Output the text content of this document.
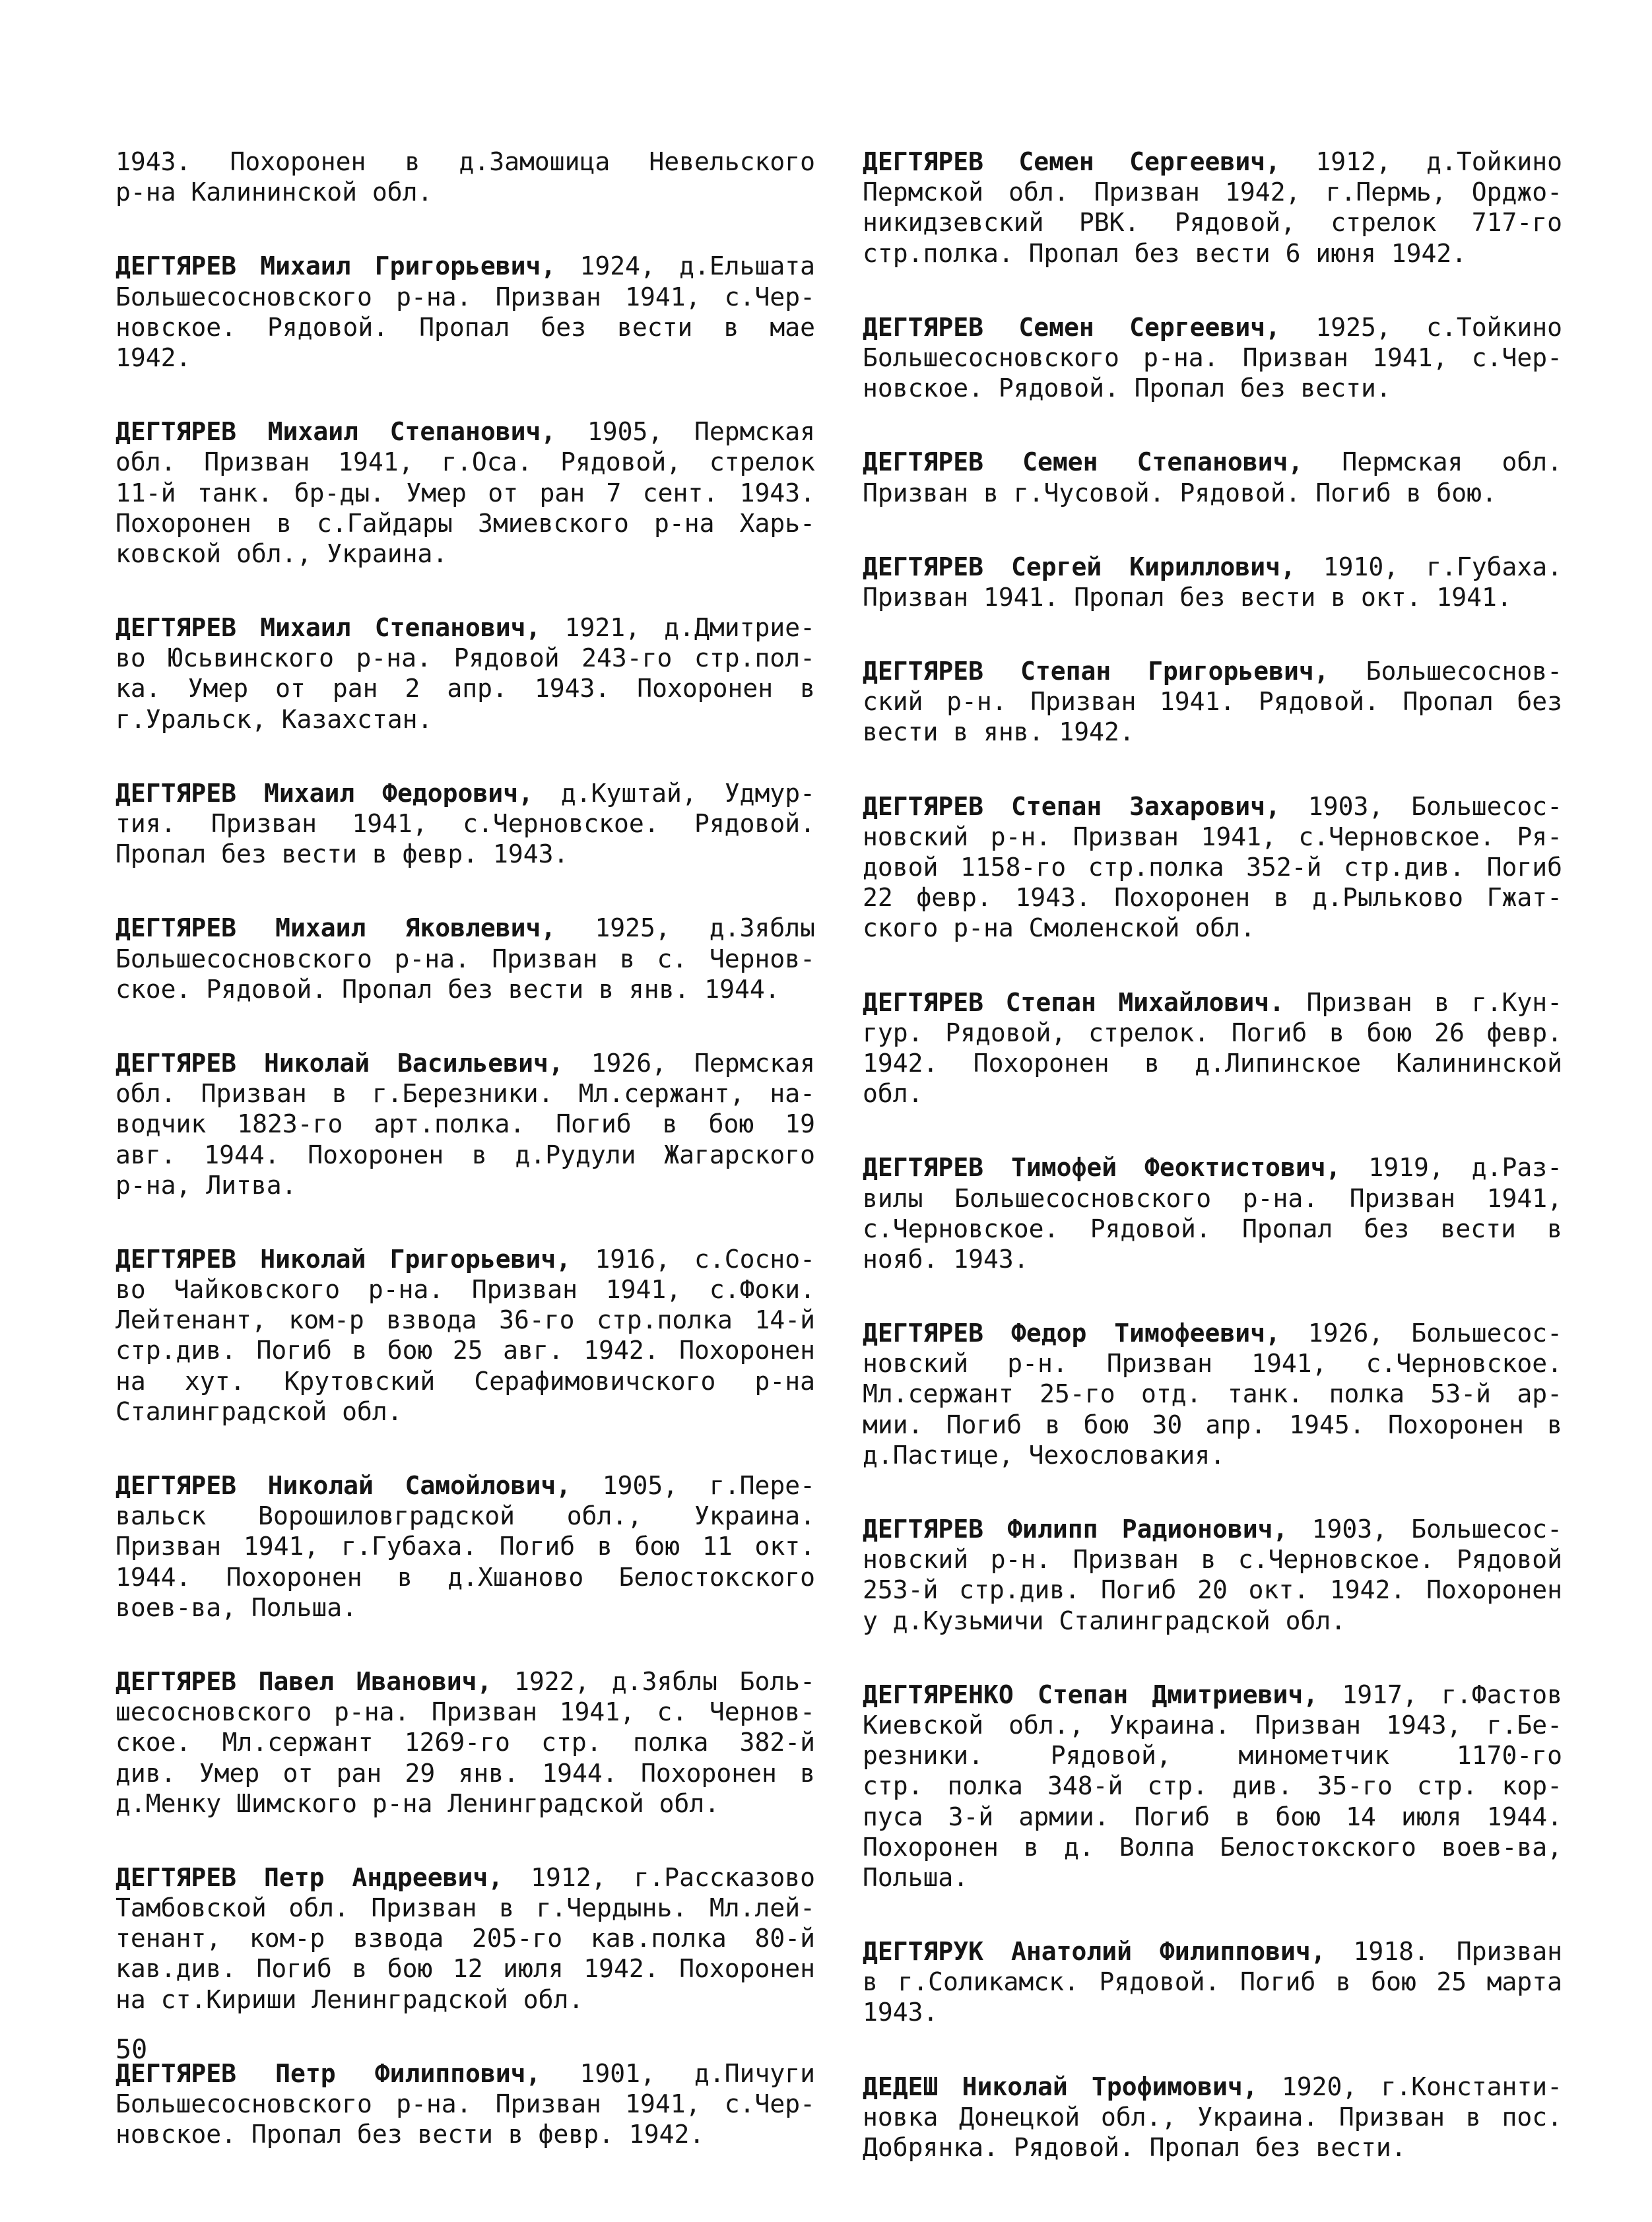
1943. Похоронен в д.Замошица Невельского
р-на Калининской обл.
ДЕГТЯРЕВ Михаил Григорьевич, 1924, д.Ельшата
Большесосновского р-на. Призван 1941, с.Чер-
новское. Рядовой. Пропал без вести в мае
1942.
ДЕГТЯРЕВ Михаил Степанович, 1905, Пермская
обл. Призван 1941, г.Оса. Рядовой, стрелок
11-й танк. бр-ды. Умер от ран 7 сент. 1943.
Похоронен в с.Гайдары Змиевского р-на Харь-
ковской обл., Украина.
ДЕГТЯРЕВ Михаил Степанович, 1921, д.Дмитрие-
во Юсьвинского р-на. Рядовой 243-го стр.пол-
ка. Умер от ран 2 апр. 1943. Похоронен в
г.Уральск, Казахстан.
ДЕГТЯРЕВ Михаил Федорович, д.Куштай, Удмур-
тия. Призван 1941, с.Черновское. Рядовой.
Пропал без вести в февр. 1943.
ДЕГТЯРЕВ Михаил Яковлевич, 1925, д.Зяблы
Большесосновского р-на. Призван в с. Чернов-
ское. Рядовой. Пропал без вести в янв. 1944.
ДЕГТЯРЕВ Николай Васильевич, 1926, Пермская
обл. Призван в г.Березники. Мл.сержант, на-
водчик 1823-го арт.полка. Погиб в бою 19
авг. 1944. Похоронен в д.Рудули Жагарского
р-на, Литва.
ДЕГТЯРЕВ Николай Григорьевич, 1916, с.Сосно-
во Чайковского р-на. Призван 1941, с.Фоки.
Лейтенант, ком-р взвода 36-го стр.полка 14-й
стр.див. Погиб в бою 25 авг. 1942. Похоронен
на хут. Крутовский Серафимовичского р-на
Сталинградской обл.
ДЕГТЯРЕВ Николай Самойлович, 1905, г.Пере-
вальск Ворошиловградской обл., Украина.
Призван 1941, г.Губаха. Погиб в бою 11 окт.
1944. Похоронен в д.Хшаново Белостокского
воев-ва, Польша.
ДЕГТЯРЕВ Павел Иванович, 1922, д.Зяблы Боль-
шесосновского р-на. Призван 1941, с. Чернов-
ское. Мл.сержант 1269-го стр. полка 382-й
див. Умер от ран 29 янв. 1944. Похоронен в
д.Менку Шимского р-на Ленинградской обл.
ДЕГТЯРЕВ Петр Андреевич, 1912, г.Рассказово
Тамбовской обл. Призван в г.Чердынь. Мл.лей-
тенант, ком-р взвода 205-го кав.полка 80-й
кав.див. Погиб в бою 12 июля 1942. Похоронен
на ст.Кириши Ленинградской обл.
ДЕГТЯРЕВ Петр Филиппович, 1901, д.Пичуги
Большесосновского р-на. Призван 1941, с.Чер-
новское. Пропал без вести в февр. 1942.
ДЕГТЯРЕВ Семен Сергеевич, 1912, д.Тойкино
Пермской обл. Призван 1942, г.Пермь, Орджо-
никидзевский РВК. Рядовой, стрелок 717-го
стр.полка. Пропал без вести 6 июня 1942.
ДЕГТЯРЕВ Семен Сергеевич, 1925, с.Тойкино
Большесосновского р-на. Призван 1941, с.Чер-
новское. Рядовой. Пропал без вести.
ДЕГТЯРЕВ Семен Степанович, Пермская обл.
Призван в г.Чусовой. Рядовой. Погиб в бою.
ДЕГТЯРЕВ Сергей Кириллович, 1910, г.Губаха.
Призван 1941. Пропал без вести в окт. 1941.
ДЕГТЯРЕВ Степан Григорьевич, Большесоснов-
ский р-н. Призван 1941. Рядовой. Пропал без
вести в янв. 1942.
ДЕГТЯРЕВ Степан Захарович, 1903, Большесос-
новский р-н. Призван 1941, с.Черновское. Ря-
довой 1158-го стр.полка 352-й стр.див. Погиб
22 февр. 1943. Похоронен в д.Рыльково Гжат-
ского р-на Смоленской обл.
ДЕГТЯРЕВ Степан Михайлович. Призван в г.Кун-
гур. Рядовой, стрелок. Погиб в бою 26 февр.
1942. Похоронен в д.Липинское Калининской
обл.
ДЕГТЯРЕВ Тимофей Феоктистович, 1919, д.Раз-
вилы Большесосновского р-на. Призван 1941,
с.Черновское. Рядовой. Пропал без вести в
нояб. 1943.
ДЕГТЯРЕВ Федор Тимофеевич, 1926, Большесос-
новский р-н. Призван 1941, с.Черновское.
Мл.сержант 25-го отд. танк. полка 53-й ар-
мии. Погиб в бою 30 апр. 1945. Похоронен в
д.Пастице, Чехословакия.
ДЕГТЯРЕВ Филипп Радионович, 1903, Большесос-
новский р-н. Призван в с.Черновское. Рядовой
253-й стр.див. Погиб 20 окт. 1942. Похоронен
у д.Кузьмичи Сталинградской обл.
ДЕГТЯРЕНКО Степан Дмитриевич, 1917, г.Фастов
Киевской обл., Украина. Призван 1943, г.Бе-
резники. Рядовой, минометчик 1170-го
стр. полка 348-й стр. див. 35-го стр. кор-
пуса 3-й армии. Погиб в бою 14 июля 1944.
Похоронен в д. Волпа Белостокского воев-ва,
Польша.
ДЕГТЯРУК Анатолий Филиппович, 1918. Призван
в г.Соликамск. Рядовой. Погиб в бою 25 марта
1943.
ДЕДЕШ Николай Трофимович, 1920, г.Константи-
новка Донецкой обл., Украина. Призван в пос.
Добрянка. Рядовой. Пропал без вести.
50
